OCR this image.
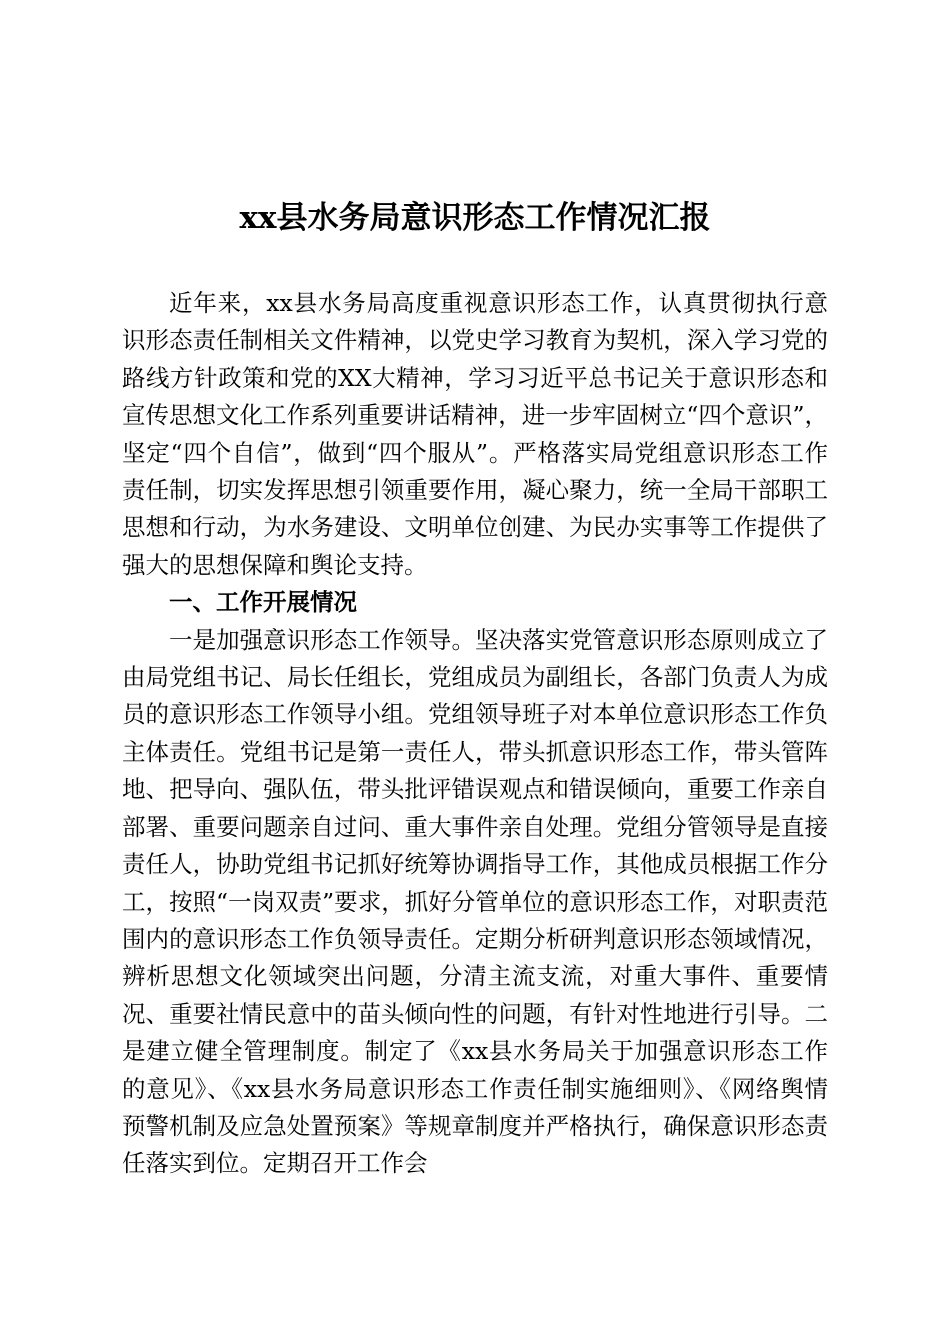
xx县水务局意识形态工作情况汇报

近年来，xx县水务局高度重视意识形态工作，认真贯彻执行意识形态责任制相关文件精神，以党史学习教育为契机，深入学习党的路线方针政策和党的XX大精神，学习习近平总书记关于意识形态和宣传思想文化工作系列重要讲话精神，进一步牢固树立“四个意识”，坚定“四个自信”，做到“四个服从”。严格落实局党组意识形态工作责任制，切实发挥思想引领重要作用，凝心聚力，统一全局干部职工思想和行动，为水务建设、文明单位创建、为民办实事等工作提供了强大的思想保障和舆论支持。

一、工作开展情况

一是加强意识形态工作领导。坚决落实党管意识形态原则成立了由局党组书记、局长任组长，党组成员为副组长，各部门负责人为成员的意识形态工作领导小组。党组领导班子对本单位意识形态工作负主体责任。党组书记是第一责任人，带头抓意识形态工作，带头管阵地、把导向、强队伍，带头批评错误观点和错误倾向，重要工作亲自部署、重要问题亲自过问、重大事件亲自处理。党组分管领导是直接责任人，协助党组书记抓好统筹协调指导工作，其他成员根据工作分工，按照“一岗双责”要求，抓好分管单位的意识形态工作，对职责范围内的意识形态工作负领导责任。定期分析研判意识形态领域情况，辨析思想文化领域突出问题，分清主流支流，对重大事件、重要情况、重要社情民意中的苗头倾向性的问题，有针对性地进行引导。二是建立健全管理制度。制定了《xx县水务局关于加强意识形态工作的意见》、《xx县水务局意识形态工作责任制实施细则》、《网络舆情预警机制及应急处置预案》等规章制度并严格执行，确保意识形态责任落实到位。定期召开工作会
